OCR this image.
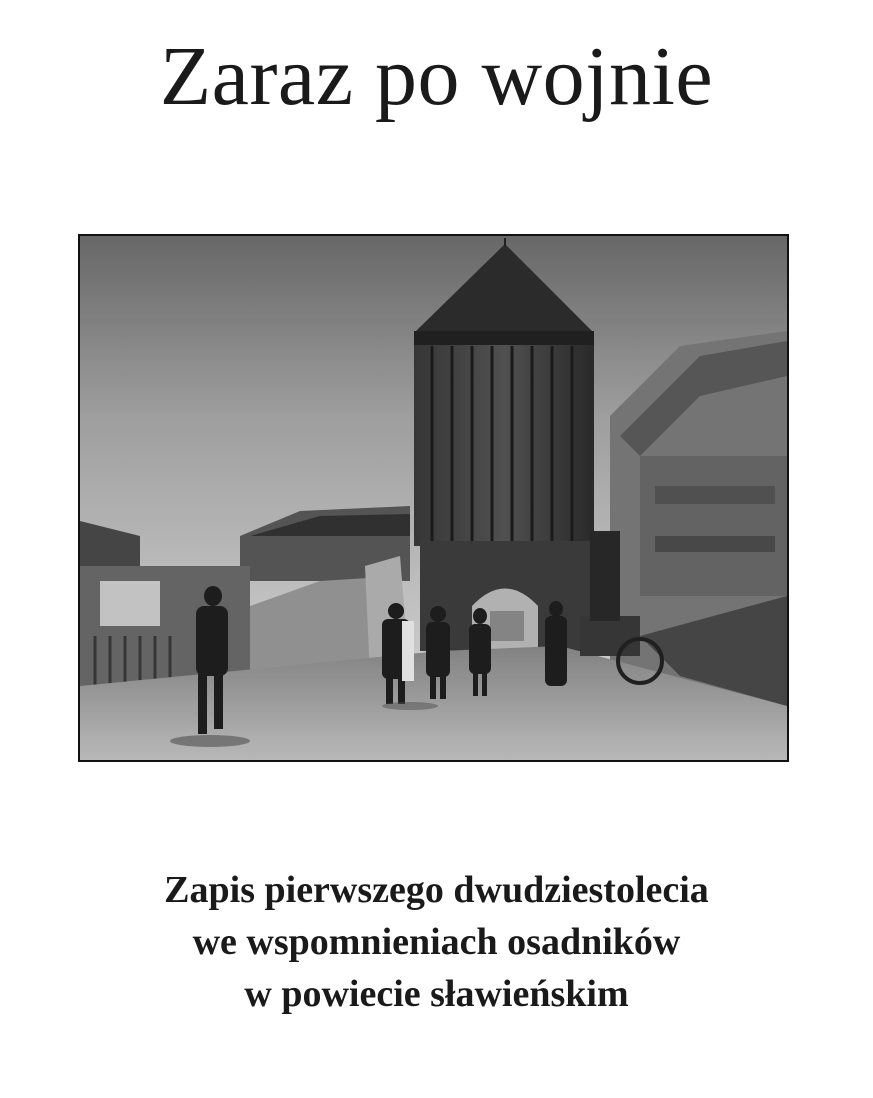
Zaraz po wojnie
Zapis pierwszego dwudziestolecia
we wspomnieniach osadników
w powiecie sławieńskim
